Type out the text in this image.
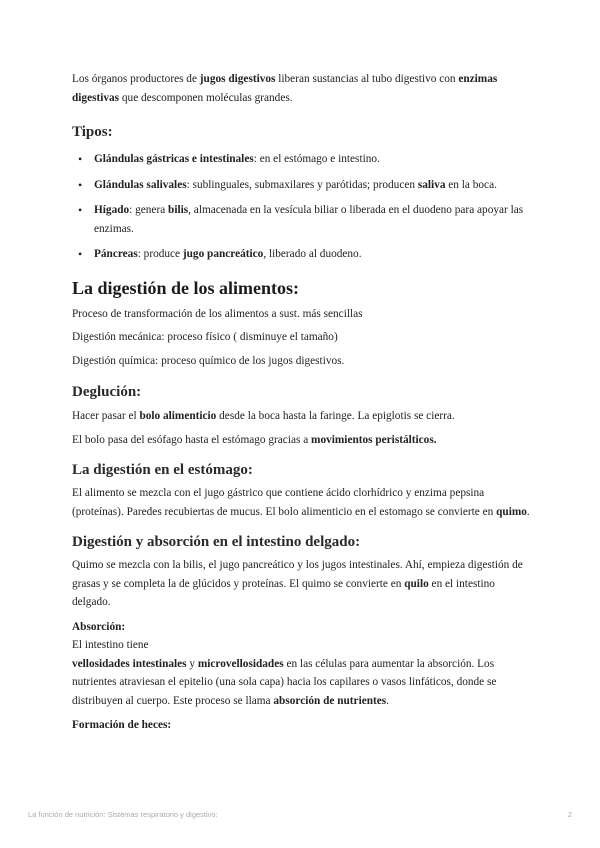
Los órganos productores de jugos digestivos liberan sustancias al tubo digestivo con enzimas digestivas que descomponen moléculas grandes.

Tipos:
• Glándulas gástricas e intestinales: en el estómago e intestino.
• Glándulas salivales: sublinguales, submaxilares y parótidas; producen saliva en la boca.
• Hígado: genera bilis, almacenada en la vesícula biliar o liberada en el duodeno para apoyar las enzimas.
• Páncreas: produce jugo pancreático, liberado al duodeno.
La digestión de los alimentos:

Proceso de transformación de los alimentos a sust. más sencillas

Digestión mecánica: proceso físico ( disminuye el tamaño)

Digestión química: proceso químico de los jugos digestivos.

Deglución:

Hacer pasar el bolo alimenticio desde la boca hasta la faringe. La epiglotis se cierra.

El bolo pasa del esófago hasta el estómago gracias a movimientos peristálticos.

La digestión en el estómago:

El alimento se mezcla con el jugo gástrico que contiene ácido clorhídrico y enzima pepsina (proteínas). Paredes recubiertas de mucus. El bolo alimenticio en el estomago se convierte en quimo.

Digestión y absorción en el intestino delgado:

Quimo se mezcla con la bilis, el jugo pancreático y los jugos intestinales. Ahí, empieza digestión de grasas y se completa la de glúcidos y proteínas. El quimo se convierte en quilo en el intestino delgado.

Absorción:

El intestino tiene

vellosidades intestinales y microvellosidades en las células para aumentar la absorción. Los nutrientes atraviesan el epitelio (una sola capa) hacia los capilares o vasos linfáticos, donde se distribuyen al cuerpo. Este proceso se llama absorción de nutrientes.

Formación de heces:
La función de nutrición: Sistemas respiratorio y digestivo:	2
